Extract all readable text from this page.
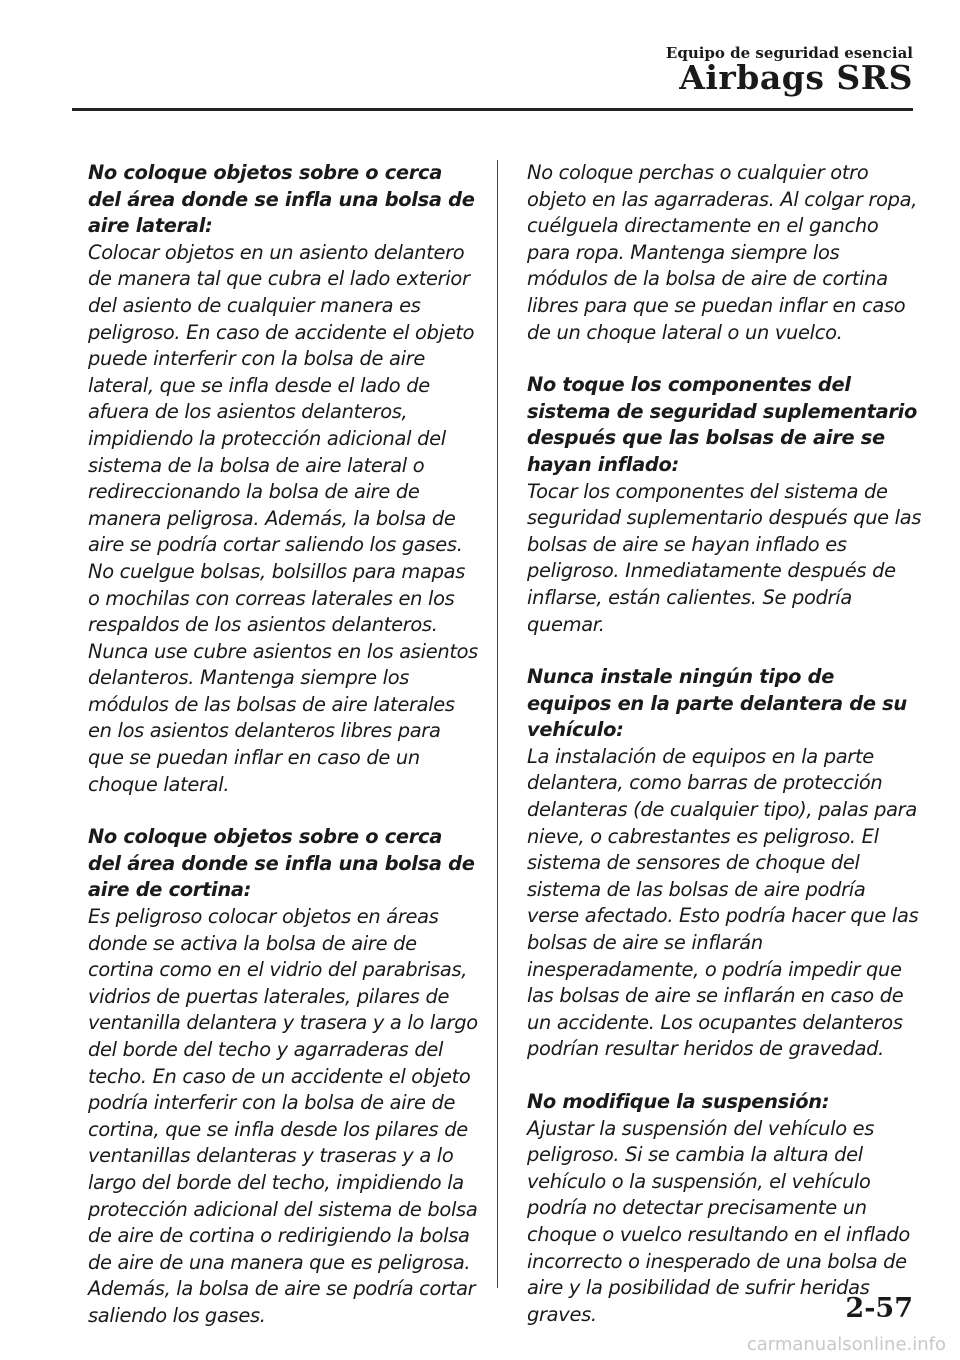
Equipo de seguridad esencial
Airbags SRS

No coloque objetos sobre o cerca del área donde se infla una bolsa de aire lateral:

Colocar objetos en un asiento delantero de manera tal que cubra el lado exterior del asiento de cualquier manera es peligroso. En caso de accidente el objeto puede interferir con la bolsa de aire lateral, que se infla desde el lado de afuera de los asientos delanteros, impidiendo la protección adicional del sistema de la bolsa de aire lateral o redireccionando la bolsa de aire de manera peligrosa. Además, la bolsa de aire se podría cortar saliendo los gases.

No cuelgue bolsas, bolsillos para mapas o mochilas con correas laterales en los respaldos de los asientos delanteros.

Nunca use cubre asientos en los asientos delanteros. Mantenga siempre los módulos de las bolsas de aire laterales en los asientos delanteros libres para que se puedan inflar en caso de un choque lateral.

No coloque objetos sobre o cerca del área donde se infla una bolsa de aire de cortina:

Es peligroso colocar objetos en áreas donde se activa la bolsa de aire de cortina como en el vidrio del parabrisas, vidrios de puertas laterales, pilares de ventanilla delantera y trasera y a lo largo del borde del techo y agarraderas del techo. En caso de un accidente el objeto podría interferir con la bolsa de aire de cortina, que se infla desde los pilares de ventanillas delanteras y traseras y a lo largo del borde del techo, impidiendo la protección adicional del sistema de bolsa de aire de cortina o redirigiendo la bolsa de aire de una manera que es peligrosa. Además, la bolsa de aire se podría cortar saliendo los gases.

No coloque perchas o cualquier otro objeto en las agarraderas. Al colgar ropa, cuélguela directamente en el gancho para ropa. Mantenga siempre los módulos de la bolsa de aire de cortina libres para que se puedan inflar en caso de un choque lateral o un vuelco.

No toque los componentes del sistema de seguridad suplementario después que las bolsas de aire se hayan inflado:

Tocar los componentes del sistema de seguridad suplementario después que las bolsas de aire se hayan inflado es peligroso. Inmediatamente después de inflarse, están calientes. Se podría quemar.

Nunca instale ningún tipo de equipos en la parte delantera de su vehículo:

La instalación de equipos en la parte delantera, como barras de protección delanteras (de cualquier tipo), palas para nieve, o cabrestantes es peligroso. El sistema de sensores de choque del sistema de las bolsas de aire podría verse afectado. Esto podría hacer que las bolsas de aire se inflarán inesperadamente, o podría impedir que las bolsas de aire se inflarán en caso de un accidente. Los ocupantes delanteros podrían resultar heridos de gravedad.

No modifique la suspensión:

Ajustar la suspensión del vehículo es peligroso. Si se cambia la altura del vehículo o la suspensión, el vehículo podría no detectar precisamente un choque o vuelco resultando en el inflado incorrecto o inesperado de una bolsa de aire y la posibilidad de sufrir heridas graves.	2-57
carmanualsonline.info
